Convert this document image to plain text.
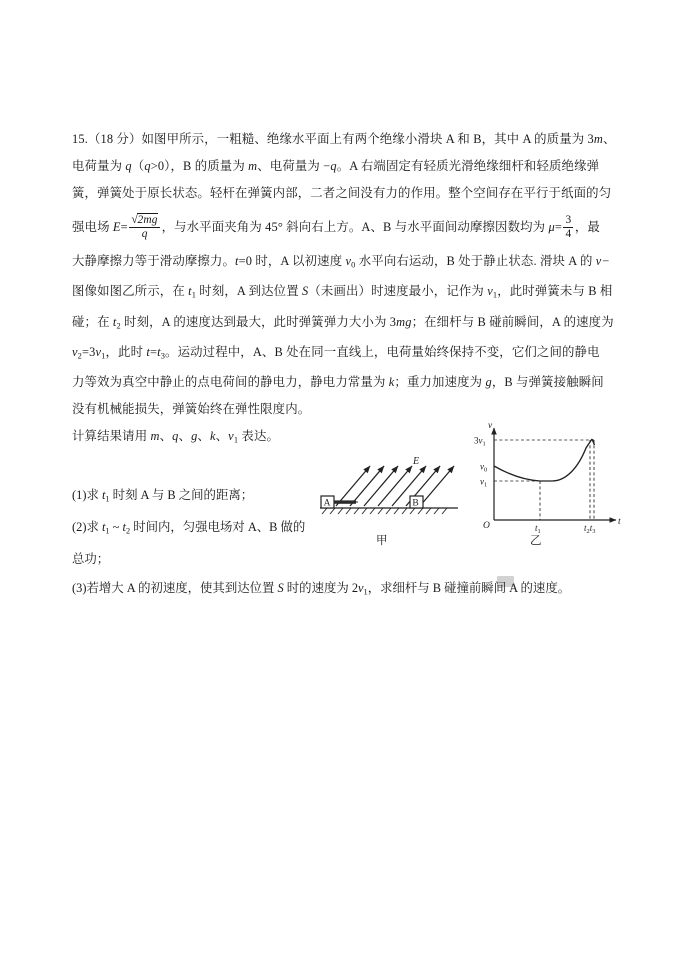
15.（18 分）如图甲所示，一粗糙、绝缘水平面上有两个绝缘小滑块 A 和 B，其中 A 的质量为 3m、
电荷量为 q（q>0），B 的质量为 m、电荷量为 −q。A 右端固定有轻质光滑绝缘细杆和轻质绝缘弹
簧，弹簧处于原长状态。轻杆在弹簧内部，二者之间没有力的作用。整个空间存在平行于纸面的匀
强电场 $E= \frac{√2mg}{q}$ ，与水平面夹角为 45° 斜向右上方。A、B 与水平面间动摩擦因数均为 $\mu= \frac{3}{4}$ ，最
大静摩擦力等于滑动摩擦力。t=0 时，A 以初速度 v0 水平向右运动，B 处于静止状态. 滑块 A 的 v−
图像如图乙所示，在 t1 时刻，A 到达位置 S（未画出）时速度最小，记作为 v1，此时弹簧未与 B 相
碰；在 t2 时刻，A 的速度达到最大，此时弹簧弹力大小为 3mg；在细杆与 B 碰前瞬间，A 的速度为
v2=3v1，此时 t=t3。运动过程中，A、B 处在同一直线上，电荷量始终保持不变，它们之间的静电
力等效为真空中静止的点电荷间的静电力，静电力常量为 k；重力加速度为 g，B 与弹簧接触瞬间
没有机械能损失，弹簧始终在弹性限度内。
计算结果请用 m、q、g、k、v1 表达。
(1)求 t1 时刻 A 与 B 之间的距离；
(2)求 t1 ~ t2 时间内，匀强电场对 A、B 做的
总功；
(3)若增大 A 的初速度，使其到达位置 S 时的速度为 2v1，求细杆与 B 碰撞前瞬间 A 的速度。
E
A	B
v
t
O
$3v_1$
$v_0$
$v_1$
$t_1$	$t_2t_3$
甲	乙
